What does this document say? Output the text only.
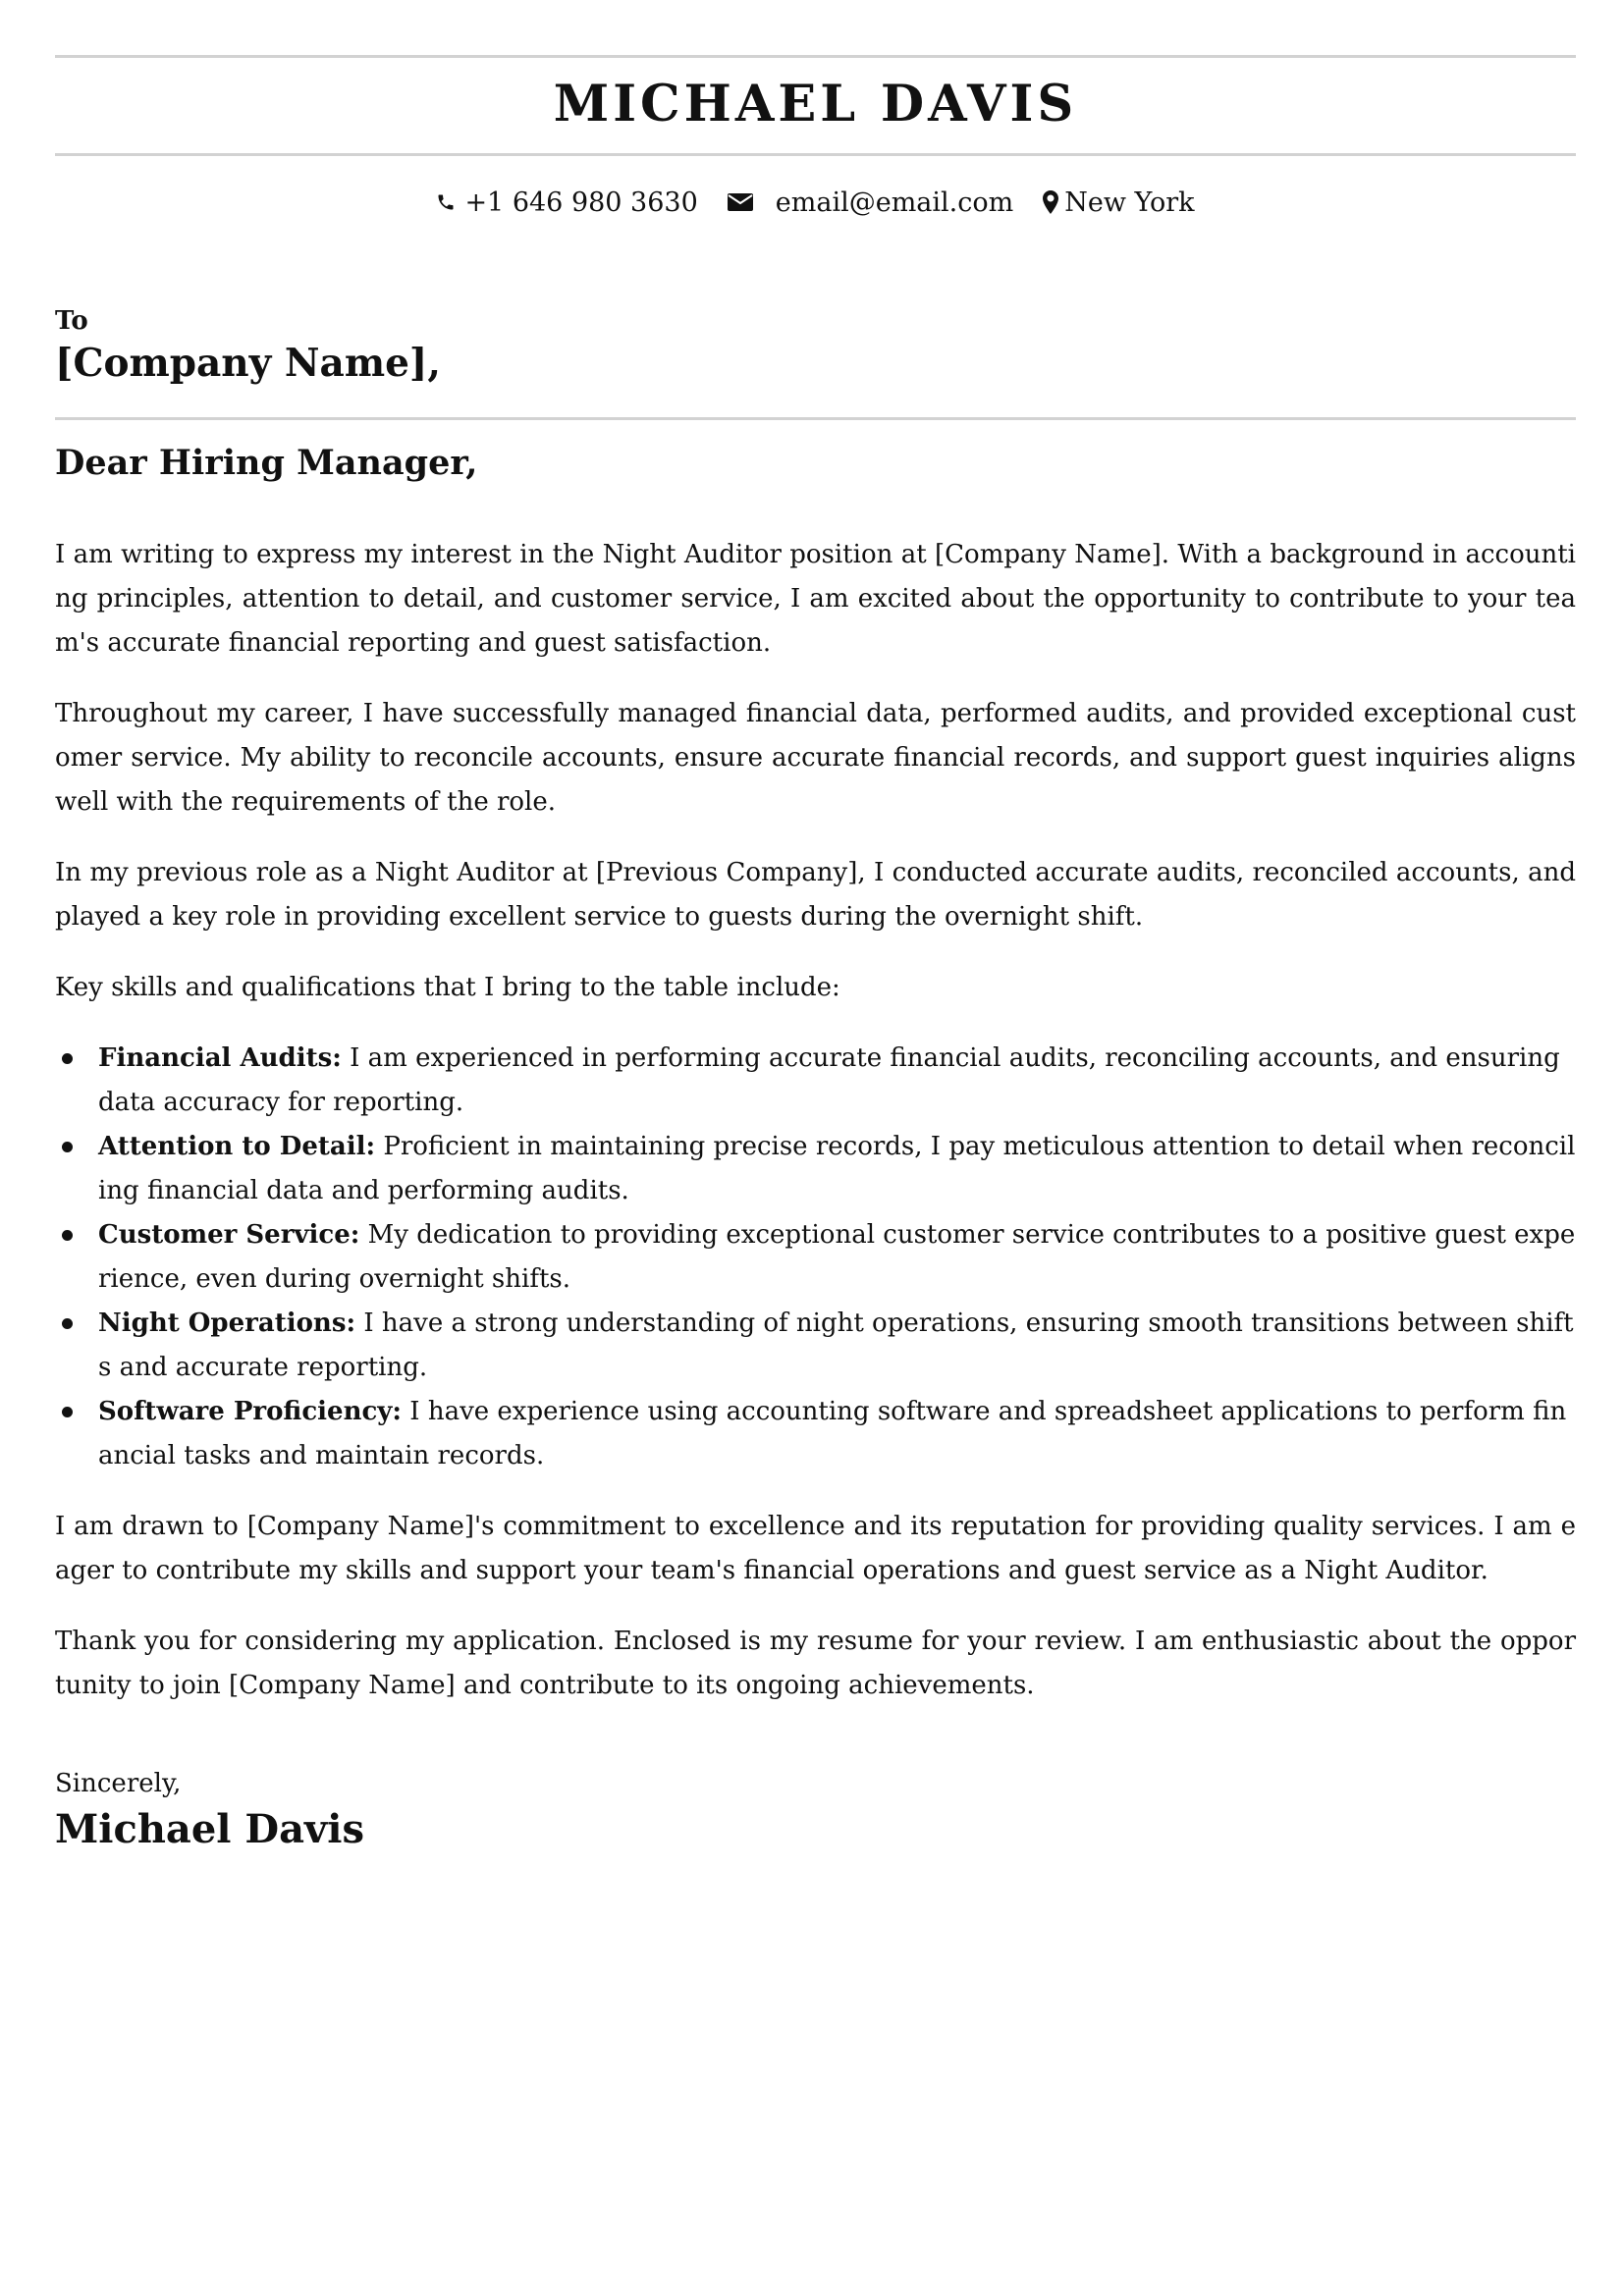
MICHAEL DAVIS
+1 646 980 3630	email@email.com New York
To
[Company Name],
Dear Hiring Manager,

I am writing to express my interest in the Night Auditor position at [Company Name]. With a background in accounting principles, attention to detail, and customer service, I am excited about the opportunity to contribute to your team's accurate financial reporting and guest satisfaction.

Throughout my career, I have successfully managed financial data, performed audits, and provided exceptional customer service. My ability to reconcile accounts, ensure accurate financial records, and support guest inquiries aligns well with the requirements of the role.

In my previous role as a Night Auditor at [Previous Company], I conducted accurate audits, reconciled accounts, and played a key role in providing excellent service to guests during the overnight shift.

Key skills and qualifications that I bring to the table include:

Financial Audits: I am experienced in performing accurate financial audits, reconciling accounts, and ensuring data accuracy for reporting.
Attention to Detail: Proficient in maintaining precise records, I pay meticulous attention to detail when reconciling financial data and performing audits.
Customer Service: My dedication to providing exceptional customer service contributes to a positive guest experience, even during overnight shifts.
Night Operations: I have a strong understanding of night operations, ensuring smooth transitions between shifts and accurate reporting.
Software Proficiency: I have experience using accounting software and spreadsheet applications to perform financial tasks and maintain records.

I am drawn to [Company Name]'s commitment to excellence and its reputation for providing quality services. I am eager to contribute my skills and support your team's financial operations and guest service as a Night Auditor.

Thank you for considering my application. Enclosed is my resume for your review. I am enthusiastic about the opportunity to join [Company Name] and contribute to its ongoing achievements.

Sincerely,
Michael Davis
